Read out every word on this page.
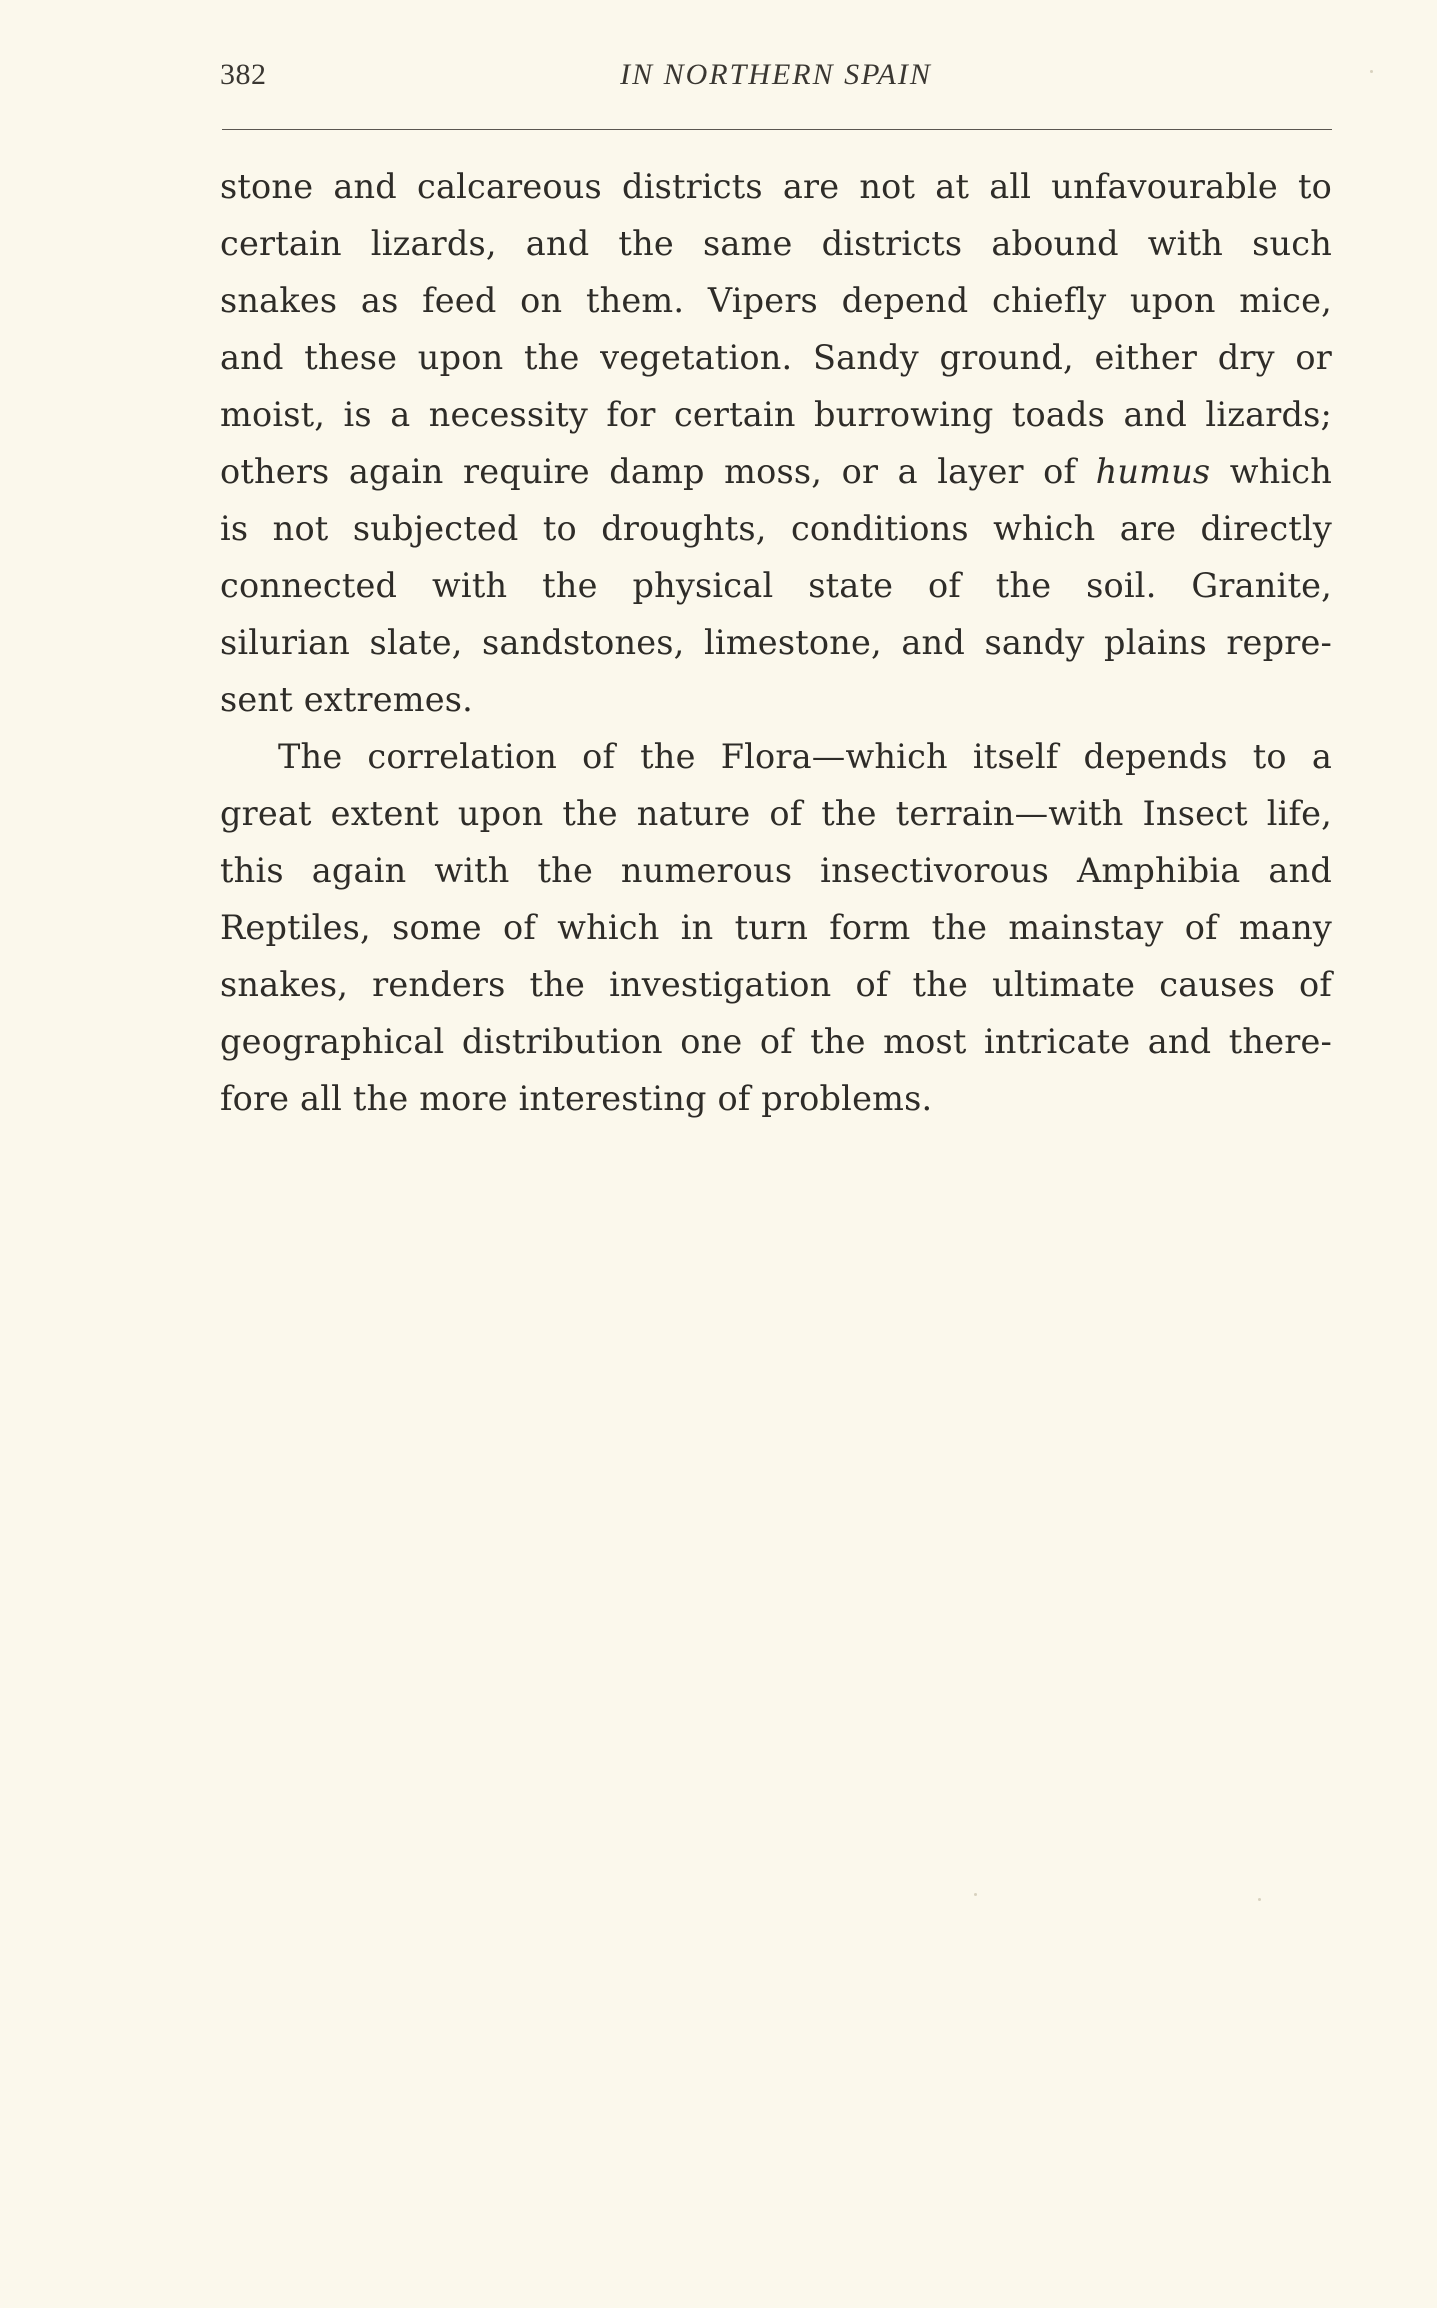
382	IN NORTHERN SPAIN

stone and calcareous districts are not at all unfavourable to

certain lizards, and the same districts abound with such

snakes as feed on them. Vipers depend chiefly upon mice,

and these upon the vegetation. Sandy ground, either dry or

moist, is a necessity for certain burrowing toads and lizards;

others again require damp moss, or a layer of humus which

is not subjected to droughts, conditions which are directly

connected with the physical state of the soil. Granite,

silurian slate, sandstones, limestone, and sandy plains repre-

sent extremes.

The correlation of the Flora—which itself depends to a

great extent upon the nature of the terrain—with Insect life,

this again with the numerous insectivorous Amphibia and

Reptiles, some of which in turn form the mainstay of many

snakes, renders the investigation of the ultimate causes of

geographical distribution one of the most intricate and there-

fore all the more interesting of problems.
